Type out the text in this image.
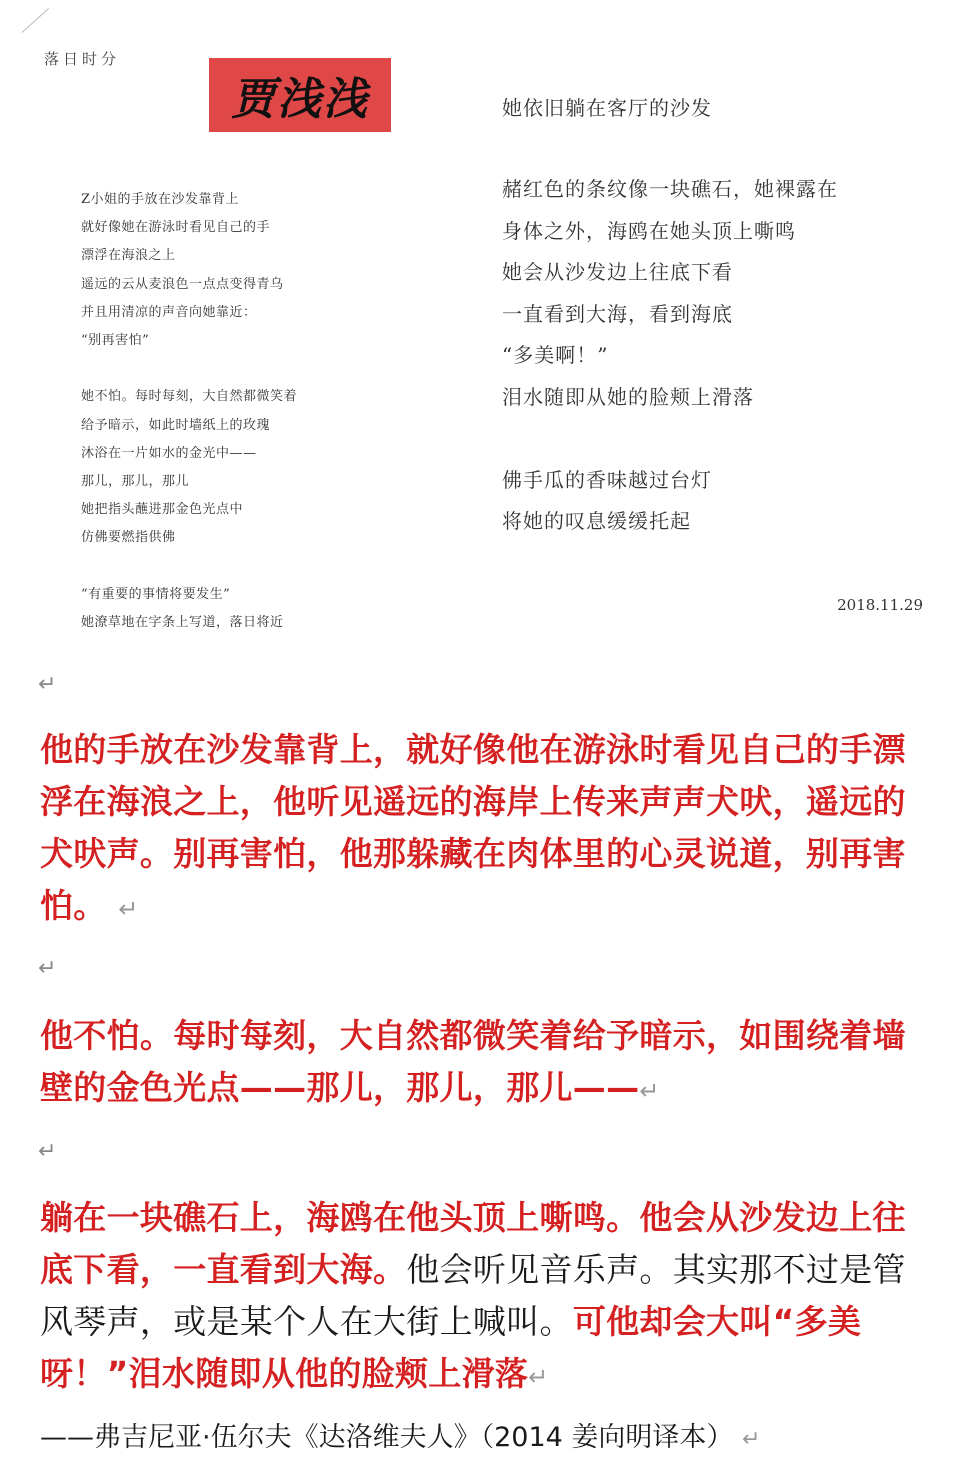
落日时分
贾浅浅
Z小姐的手放在沙发靠背上
就好像她在游泳时看见自己的手
漂浮在海浪之上
遥远的云从麦浪色一点点变得青乌
并且用清凉的声音向她靠近：
“别再害怕”
她不怕。每时每刻，大自然都微笑着
给予暗示，如此时墙纸上的玫瑰
沐浴在一片如水的金光中——
那儿，那儿，那儿
她把指头蘸进那金色光点中
仿佛要燃指供佛
“有重要的事情将要发生”
她潦草地在字条上写道，落日将近
她依旧躺在客厅的沙发
赭红色的条纹像一块礁石，她裸露在
身体之外，海鸥在她头顶上嘶鸣
她会从沙发边上往底下看
一直看到大海，看到海底
“多美啊！”
泪水随即从她的脸颊上滑落
佛手瓜的香味越过台灯
将她的叹息缓缓托起
2018.11.29
↵
他的手放在沙发靠背上，就好像他在游泳时看见自己的手漂浮在海浪之上，他听见遥远的海岸上传来声声犬吠，遥远的犬吠声。别再害怕，他那躲藏在肉体里的心灵说道，别再害怕。 ↵
↵
他不怕。每时每刻，大自然都微笑着给予暗示，如围绕着墙壁的金色光点——那儿，那儿，那儿——↵
↵
躺在一块礁石上，海鸥在他头顶上嘶鸣。他会从沙发边上往底下看，一直看到大海。他会听见音乐声。其实那不过是管风琴声，或是某个人在大街上喊叫。可他却会大叫“多美呀！”泪水随即从他的脸颊上滑落↵
——弗吉尼亚·伍尔夫《达洛维夫人》（2014 姜向明译本） ↵
